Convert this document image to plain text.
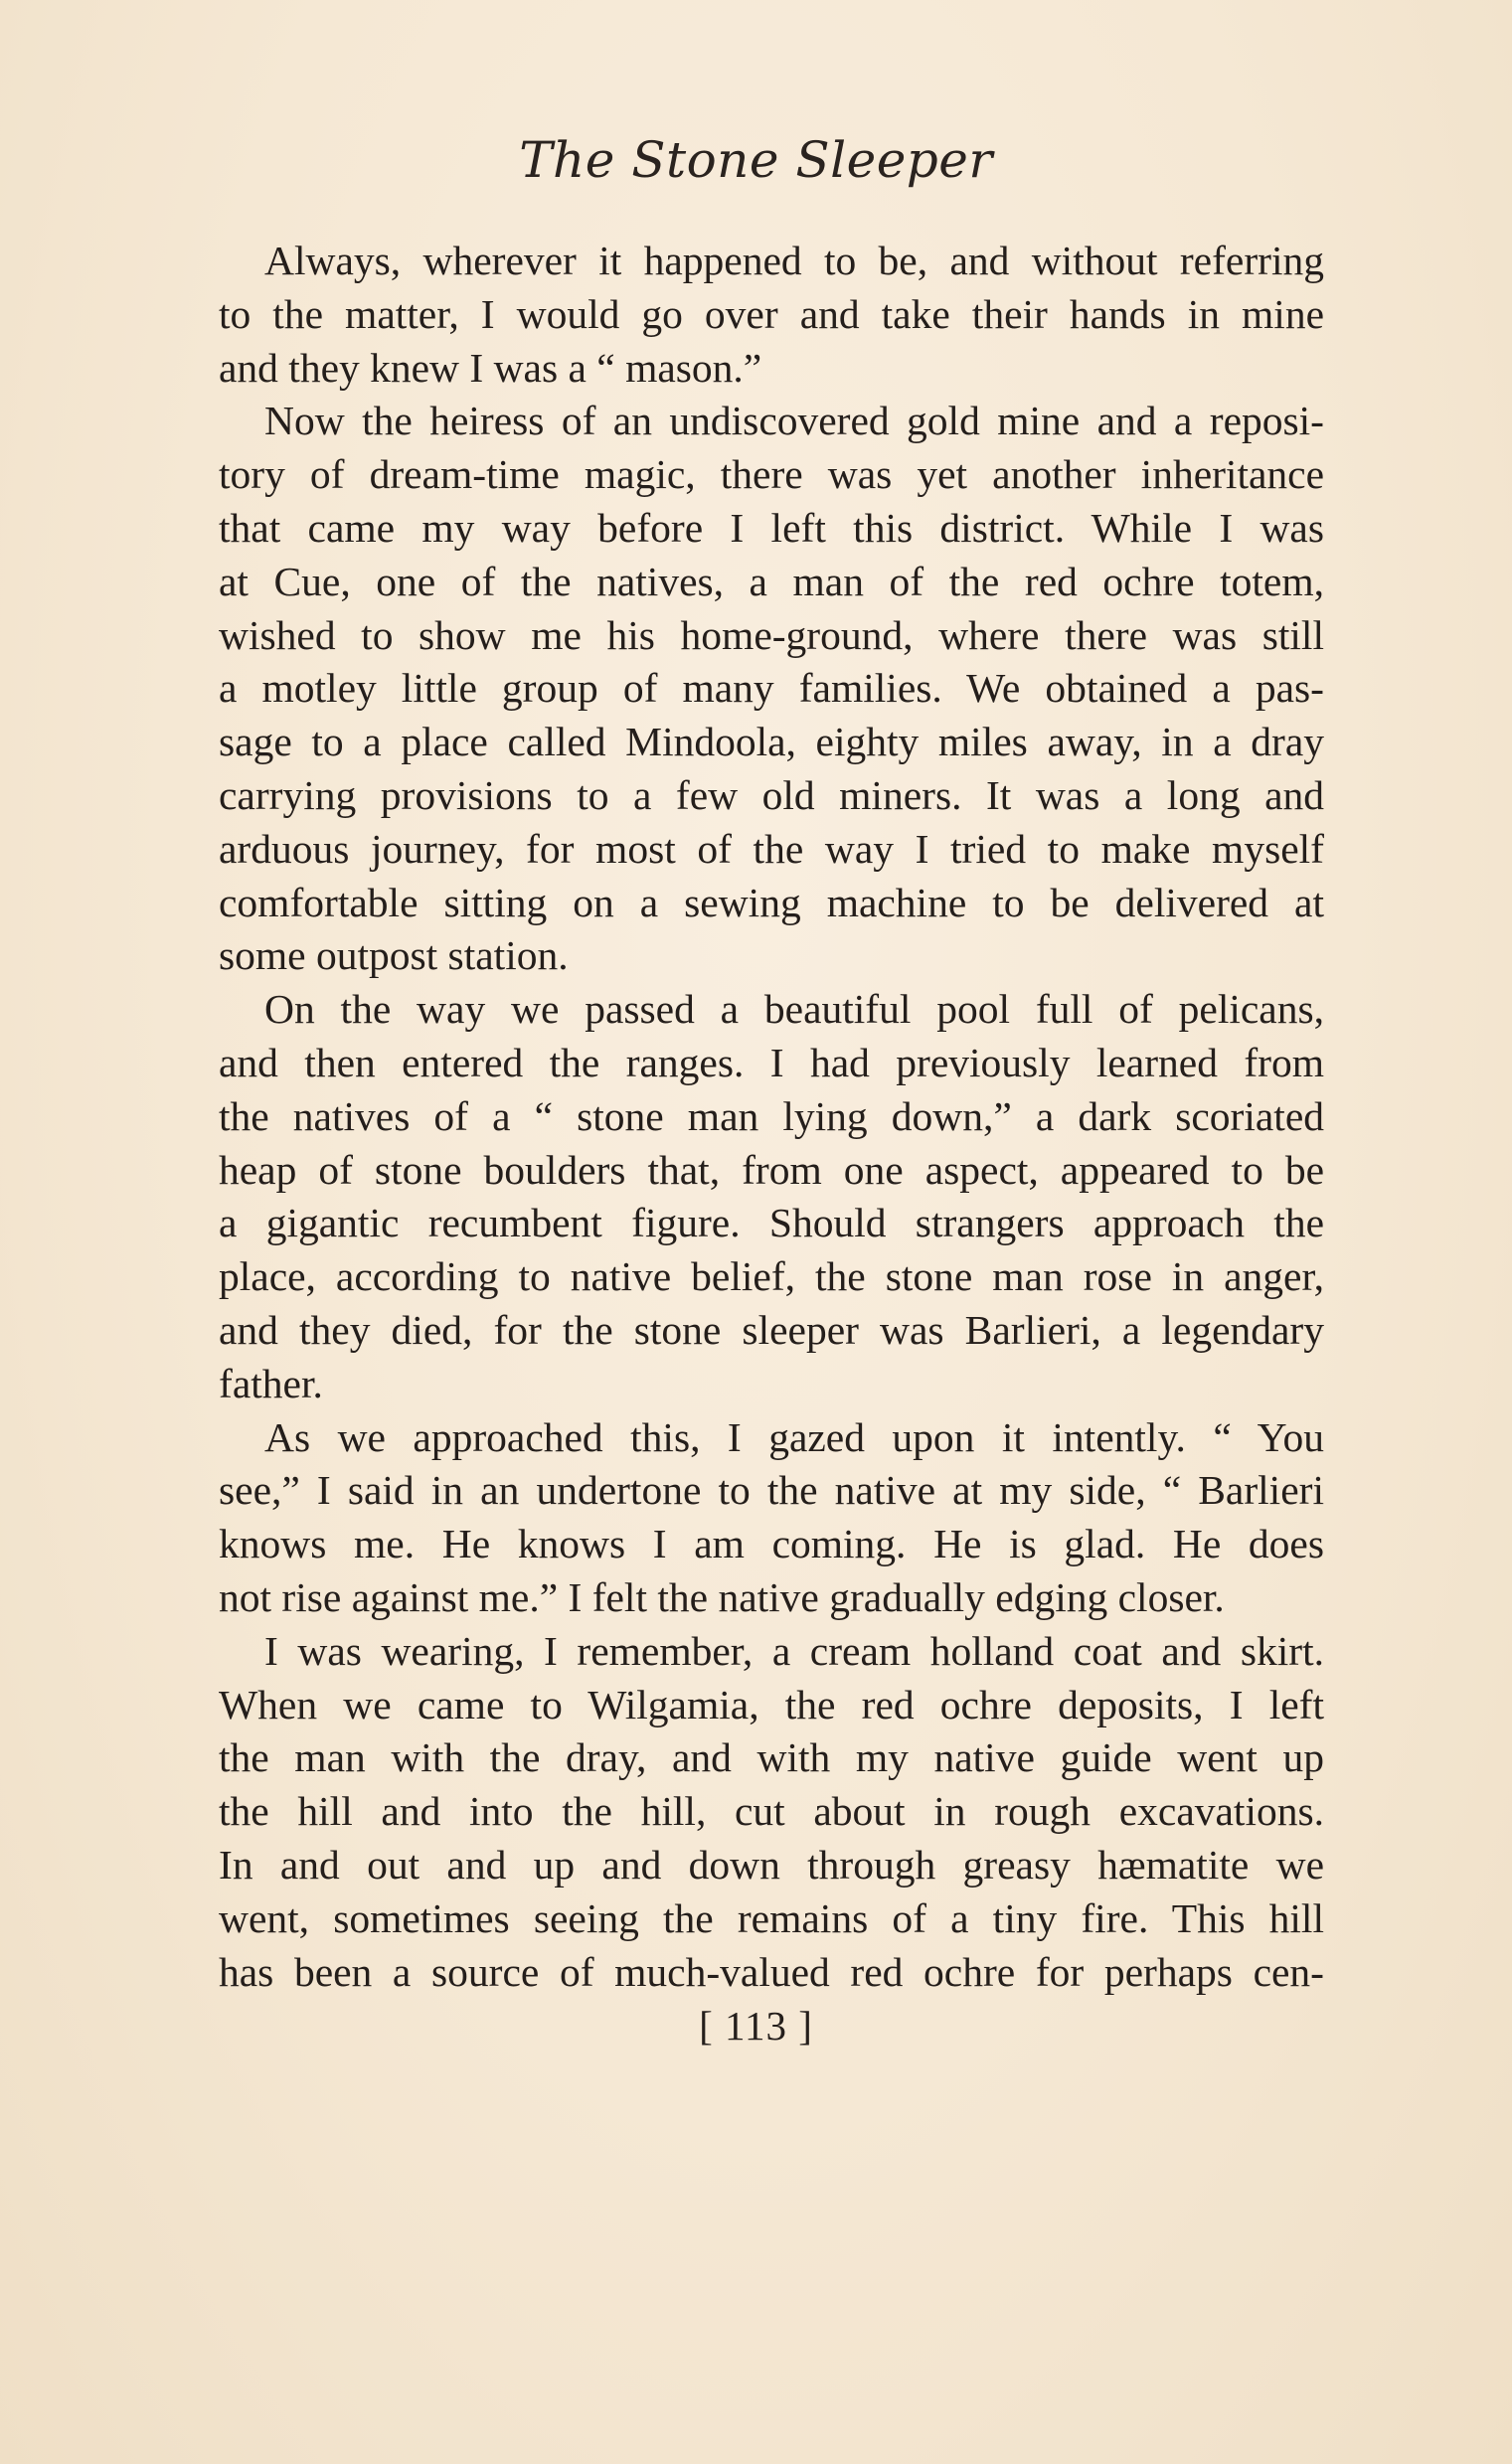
The Stone Sleeper

Always, wherever it happened to be, and without referring
to the matter, I would go over and take their hands in mine
and they knew I was a “ mason.”

Now the heiress of an undiscovered gold mine and a reposi-
tory of dream-time magic, there was yet another inheritance
that came my way before I left this district. While I was
at Cue, one of the natives, a man of the red ochre totem,
wished to show me his home-ground, where there was still
a motley little group of many families. We obtained a pas-
sage to a place called Mindoola, eighty miles away, in a dray
carrying provisions to a few old miners. It was a long and
arduous journey, for most of the way I tried to make myself
comfortable sitting on a sewing machine to be delivered at
some outpost station.

On the way we passed a beautiful pool full of pelicans,
and then entered the ranges. I had previously learned from
the natives of a “ stone man lying down,” a dark scoriated
heap of stone boulders that, from one aspect, appeared to be
a gigantic recumbent figure. Should strangers approach the
place, according to native belief, the stone man rose in anger,
and they died, for the stone sleeper was Barlieri, a legendary
father.

As we approached this, I gazed upon it intently. “ You
see,” I said in an undertone to the native at my side, “ Barlieri
knows me. He knows I am coming. He is glad. He does
not rise against me.” I felt the native gradually edging closer.

I was wearing, I remember, a cream holland coat and skirt.
When we came to Wilgamia, the red ochre deposits, I left
the man with the dray, and with my native guide went up
the hill and into the hill, cut about in rough excavations.
In and out and up and down through greasy hæmatite we
went, sometimes seeing the remains of a tiny fire. This hill
has been a source of much-valued red ochre for perhaps cen-

[ 113 ]
